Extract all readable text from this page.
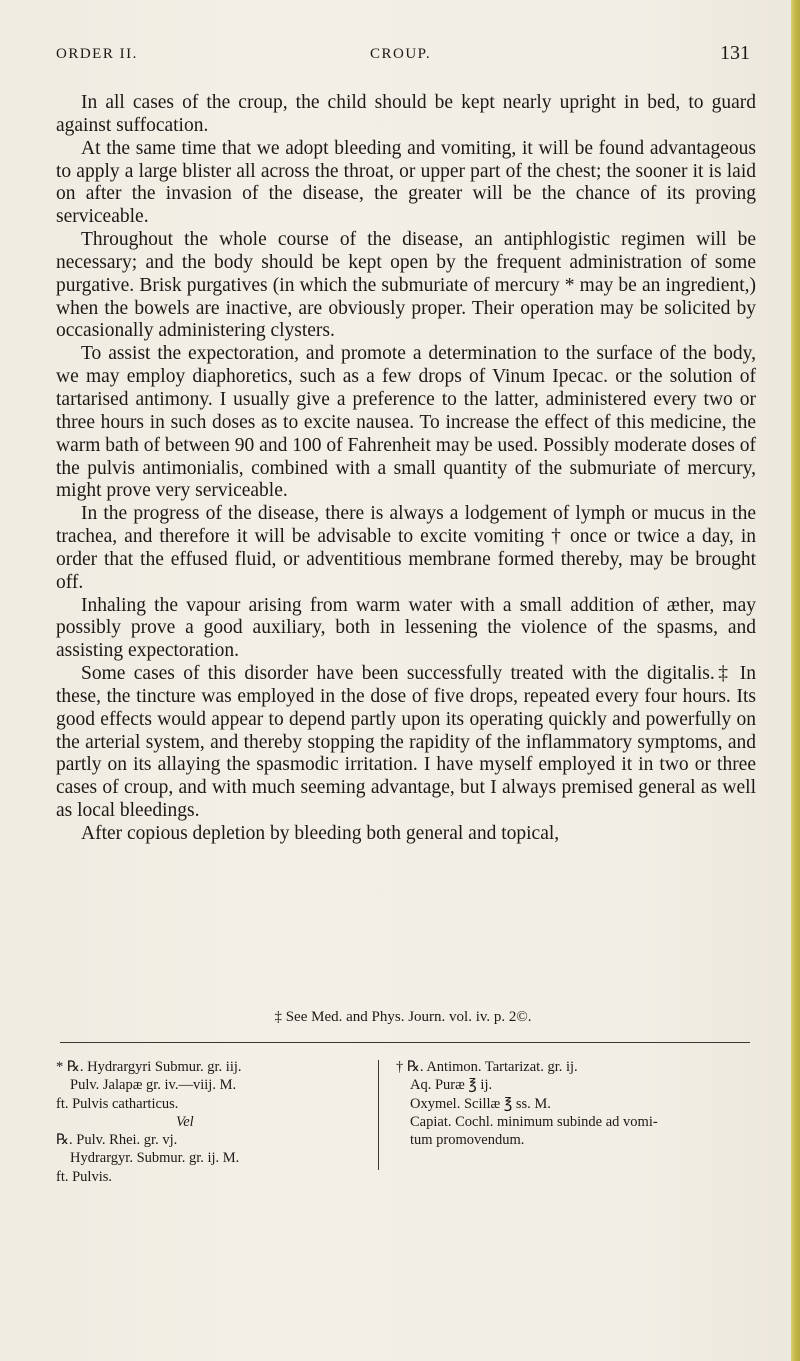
ORDER II.	CROUP.	131

In all cases of the croup, the child should be kept nearly upright in bed, to guard against suffocation.

At the same time that we adopt bleeding and vomiting, it will be found advantageous to apply a large blister all across the throat, or upper part of the chest; the sooner it is laid on after the invasion of the disease, the greater will be the chance of its proving serviceable.

Throughout the whole course of the disease, an antiphlogistic regimen will be necessary; and the body should be kept open by the frequent administration of some purgative. Brisk purgatives (in which the submuriate of mercury * may be an ingredient,) when the bowels are inactive, are obviously proper. Their operation may be solicited by occasionally administering clysters.

To assist the expectoration, and promote a determination to the surface of the body, we may employ diaphoretics, such as a few drops of Vinum Ipecac. or the solution of tartarised antimony. I usually give a preference to the latter, administered every two or three hours in such doses as to excite nausea. To increase the effect of this medicine, the warm bath of between 90 and 100 of Fahrenheit may be used. Possibly moderate doses of the pulvis antimonialis, combined with a small quantity of the submuriate of mercury, might prove very serviceable.

In the progress of the disease, there is always a lodgement of lymph or mucus in the trachea, and therefore it will be advisable to excite vomiting † once or twice a day, in order that the effused fluid, or adventitious membrane formed thereby, may be brought off.

Inhaling the vapour arising from warm water with a small addition of æther, may possibly prove a good auxiliary, both in lessening the violence of the spasms, and assisting expectoration.

Some cases of this disorder have been successfully treated with the digitalis.‡ In these, the tincture was employed in the dose of five drops, repeated every four hours. Its good effects would appear to depend partly upon its operating quickly and powerfully on the arterial system, and thereby stopping the rapidity of the inflammatory symptoms, and partly on its allaying the spasmodic irritation. I have myself employed it in two or three cases of croup, and with much seeming advantage, but I always premised general as well as local bleedings.

After copious depletion by bleeding both general and topical,

‡ See Med. and Phys. Journ. vol. iv. p. 2©.
* ℞. Hydrargyri Submur. gr. iij.
Pulv. Jalapæ gr. iv.—viij. M.
ft. Pulvis catharticus.
Vel
℞. Pulv. Rhei. gr. vj.
Hydrargyr. Submur. gr. ij. M.
ft. Pulvis.
† ℞. Antimon. Tartarizat. gr. ij.
Aq. Puræ ℥ ij.
Oxymel. Scillæ ℥ ss. M.
Capiat. Cochl. minimum subinde ad vomi-
tum promovendum.
